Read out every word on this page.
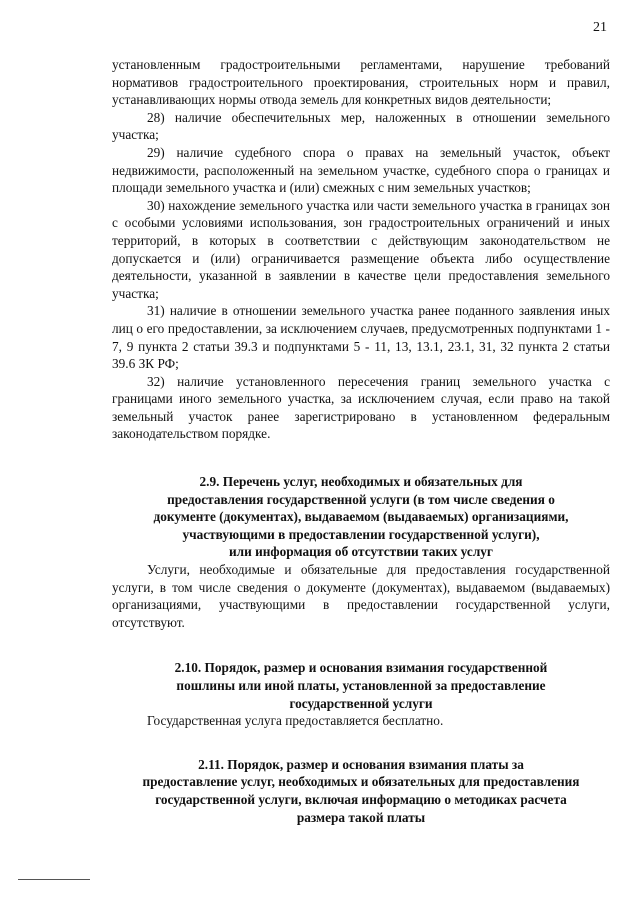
21

установленным градостроительными регламентами, нарушение требований нормативов градостроительного проектирования, строительных норм и правил, устанавливающих нормы отвода земель для конкретных видов деятельности;

28) наличие обеспечительных мер, наложенных в отношении земельного участка;

29) наличие судебного спора о правах на земельный участок, объект недвижимости, расположенный на земельном участке, судебного спора о границах и площади земельного участка и (или) смежных с ним земельных участков;

30) нахождение земельного участка или части земельного участка в границах зон с особыми условиями использования, зон градостроительных ограничений и иных территорий, в которых в соответствии с действующим законодательством не допускается и (или) ограничивается размещение объекта либо осуществление деятельности, указанной в заявлении в качестве цели предоставления земельного участка;

31) наличие в отношении земельного участка ранее поданного заявления иных лиц о его предоставлении, за исключением случаев, предусмотренных подпунктами 1 - 7, 9 пункта 2 статьи 39.3 и подпунктами 5 - 11, 13, 13.1, 23.1, 31, 32 пункта 2 статьи 39.6 ЗК РФ;

32) наличие установленного пересечения границ земельного участка с границами иного земельного участка, за исключением случая, если право на такой земельный участок ранее зарегистрировано в установленном федеральным законодательством порядке.

2.9. Перечень услуг, необходимых и обязательных для
предоставления государственной услуги (в том числе сведения о
документе (документах), выдаваемом (выдаваемых) организациями,
участвующими в предоставлении государственной услуги),
или информация об отсутствии таких услуг

Услуги, необходимые и обязательные для предоставления государственной услуги, в том числе сведения о документе (документах), выдаваемом (выдаваемых) организациями, участвующими в предоставлении государственной услуги, отсутствуют.

2.10. Порядок, размер и основания взимания государственной
пошлины или иной платы, установленной за предоставление
государственной услуги

Государственная услуга предоставляется бесплатно.

2.11. Порядок, размер и основания взимания платы за
предоставление услуг, необходимых и обязательных для предоставления
государственной услуги, включая информацию о методиках расчета
размера такой платы
